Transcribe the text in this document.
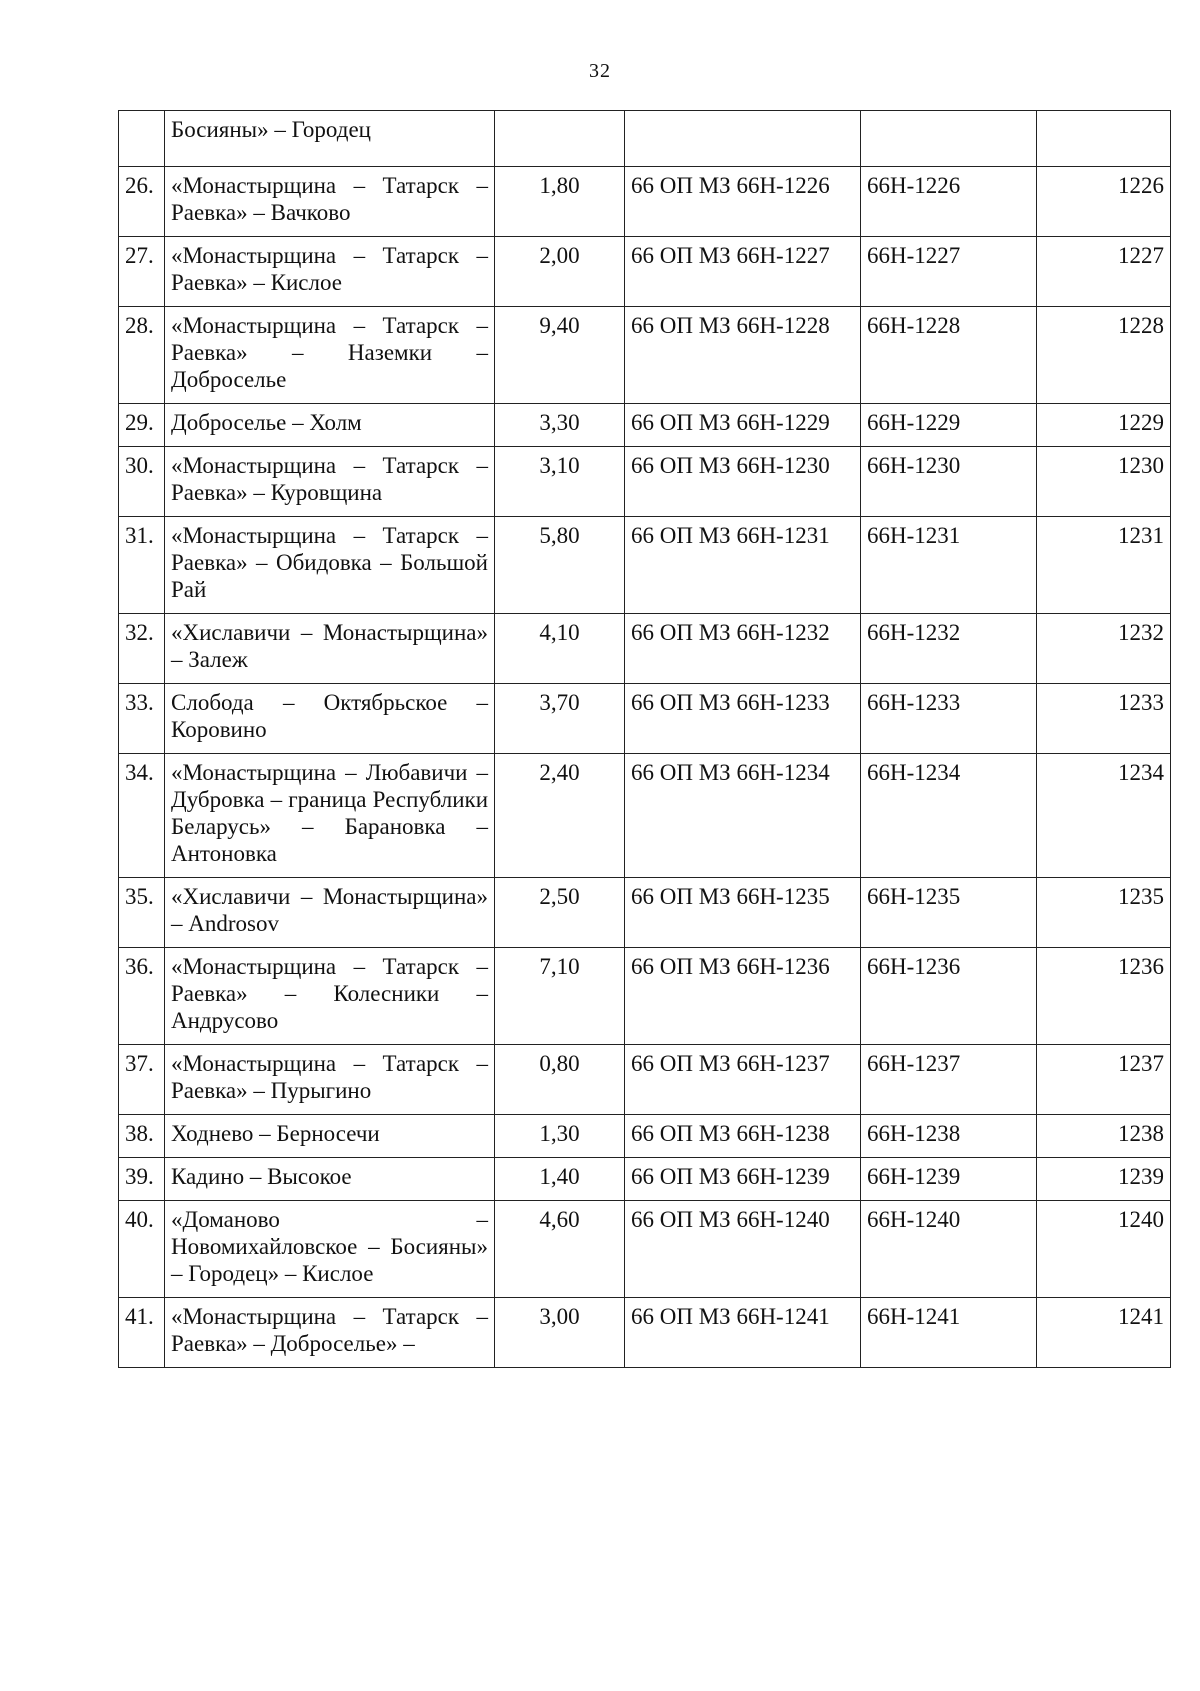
32
	Босияны» – Городец				
26.	«Монастырщина – Татарск – Раевка» – Вачково	1,80	66 ОП МЗ 66Н-1226	66Н-1226	1226
27.	«Монастырщина – Татарск – Раевка» – Кислое	2,00	66 ОП МЗ 66Н-1227	66Н-1227	1227
28.	«Монастырщина – Татарск – Раевка» – Наземки – Доброселье	9,40	66 ОП МЗ 66Н-1228	66Н-1228	1228
29.	Доброселье – Холм	3,30	66 ОП МЗ 66Н-1229	66Н-1229	1229
30.	«Монастырщина – Татарск – Раевка» – Куровщина	3,10	66 ОП МЗ 66Н-1230	66Н-1230	1230
31.	«Монастырщина – Татарск – Раевка» – Обидовка – Большой Рай	5,80	66 ОП МЗ 66Н-1231	66Н-1231	1231
32.	«Хиславичи – Монастырщина» – Залеж	4,10	66 ОП МЗ 66Н-1232	66Н-1232	1232
33.	Слобода – Октябрьское – Коровино	3,70	66 ОП МЗ 66Н-1233	66Н-1233	1233
34.	«Монастырщина – Любавичи – Дубровка – граница Республики Беларусь» – Барановка – Антоновка	2,40	66 ОП МЗ 66Н-1234	66Н-1234	1234
35.	«Хиславичи – Монастырщина» – Androsov	2,50	66 ОП МЗ 66Н-1235	66Н-1235	1235
36.	«Монастырщина – Татарск – Раевка» – Колесники – Андрусово	7,10	66 ОП МЗ 66Н-1236	66Н-1236	1236
37.	«Монастырщина – Татарск – Раевка» – Пурыгино	0,80	66 ОП МЗ 66Н-1237	66Н-1237	1237
38.	Ходнево – Берносечи	1,30	66 ОП МЗ 66Н-1238	66Н-1238	1238
39.	Кадино – Высокое	1,40	66 ОП МЗ 66Н-1239	66Н-1239	1239
40.	«Доманово – Новомихайловское – Босияны» – Городец» – Кислое	4,60	66 ОП МЗ 66Н-1240	66Н-1240	1240
41.	«Монастырщина – Татарск – Раевка» – Доброселье» –	3,00	66 ОП МЗ 66Н-1241	66Н-1241	1241
